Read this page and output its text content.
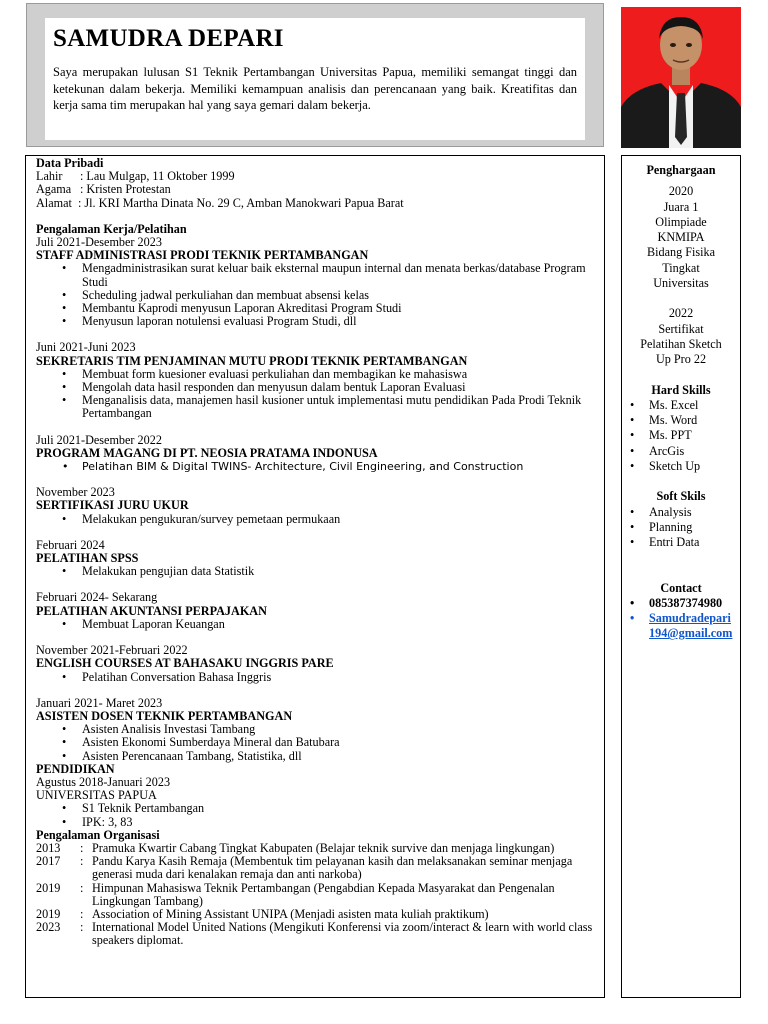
SAMUDRA DEPARI

Saya merupakan lulusan S1 Teknik Pertambangan Universitas Papua, memiliki semangat tinggi dan ketekunan dalam bekerja. Memiliki kemampuan analisis dan perencanaan yang baik. Kreatifitas dan kerja sama tim merupakan hal yang saya gemari dalam bekerja.

Data Pribadi
Lahir	: Lau Mulgap, 11 Oktober 1999
Agama : Kristen Protestan
Alamat : Jl. KRI Martha Dinata No. 29 C, Amban Manokwari Papua Barat
Pengalaman Kerja/Pelatihan
Juli 2021-Desember 2023
STAFF ADMINISTRASI PRODI TEKNIK PERTAMBANGAN
• Mengadministrasikan surat keluar baik eksternal maupun internal dan menata berkas/database Program Studi
• Scheduling jadwal perkuliahan dan membuat absensi kelas
• Membantu Kaprodi menyusun Laporan Akreditasi Program Studi
• Menyusun laporan notulensi evaluasi Program Studi, dll
Juni 2021-Juni 2023
SEKRETARIS TIM PENJAMINAN MUTU PRODI TEKNIK PERTAMBANGAN
• Membuat form kuesioner evaluasi perkuliahan dan membagikan ke mahasiswa
• Mengolah data hasil responden dan menyusun dalam bentuk Laporan Evaluasi
• Menganalisis data, manajemen hasil kusioner untuk implementasi mutu pendidikan Pada Prodi Teknik Pertambangan
Juli 2021-Desember 2022
PROGRAM MAGANG DI PT. NEOSIA PRATAMA INDONUSA
• Pelatihan BIM & Digital TWINS- Architecture, Civil Engineering, and Construction
November 2023
SERTIFIKASI JURU UKUR
• Melakukan pengukuran/survey pemetaan permukaan
Februari 2024
PELATIHAN SPSS
• Melakukan pengujian data Statistik
Februari 2024- Sekarang
PELATIHAN AKUNTANSI PERPAJAKAN
• Membuat Laporan Keuangan
November 2021-Februari 2022
ENGLISH COURSES AT BAHASAKU INGGRIS PARE
• Pelatihan Conversation Bahasa Inggris
Januari 2021- Maret 2023
ASISTEN DOSEN TEKNIK PERTAMBANGAN
• Asisten Analisis Investasi Tambang
• Asisten Ekonomi Sumberdaya Mineral dan Batubara
• Asisten Perencanaan Tambang, Statistika, dll
PENDIDIKAN
Agustus 2018-Januari 2023
UNIVERSITAS PAPUA
• S1 Teknik Pertambangan
• IPK: 3, 83
Pengalaman Organisasi
2013	: Pramuka Kwartir Cabang Tingkat Kabupaten (Belajar teknik survive dan menjaga lingkungan)
2017	: Pandu Karya Kasih Remaja (Membentuk tim pelayanan kasih dan melaksanakan seminar menjaga generasi muda dari kenalakan remaja dan anti narkoba)
2019	: Himpunan Mahasiswa Teknik Pertambangan (Pengabdian Kepada Masyarakat dan Pengenalan Lingkungan Tambang)
2019	: Association of Mining Assistant UNIPA (Menjadi asisten mata kuliah praktikum)
2023	: International Model United Nations (Mengikuti Konferensi via zoom/interact & learn with world class speakers diplomat.
Penghargaan
2020
Juara 1
Olimpiade
KNMIPA
Bidang Fisika
Tingkat
Universitas
2022
Sertifikat
Pelatihan Sketch
Up Pro 22
Hard Skills
• Ms. Excel
• Ms. Word
• Ms. PPT
• ArcGis
• Sketch Up
Soft Skils
• Analysis
• Planning
• Entri Data
Contact
• 085387374980
• Samudradepari194@gmail.com
